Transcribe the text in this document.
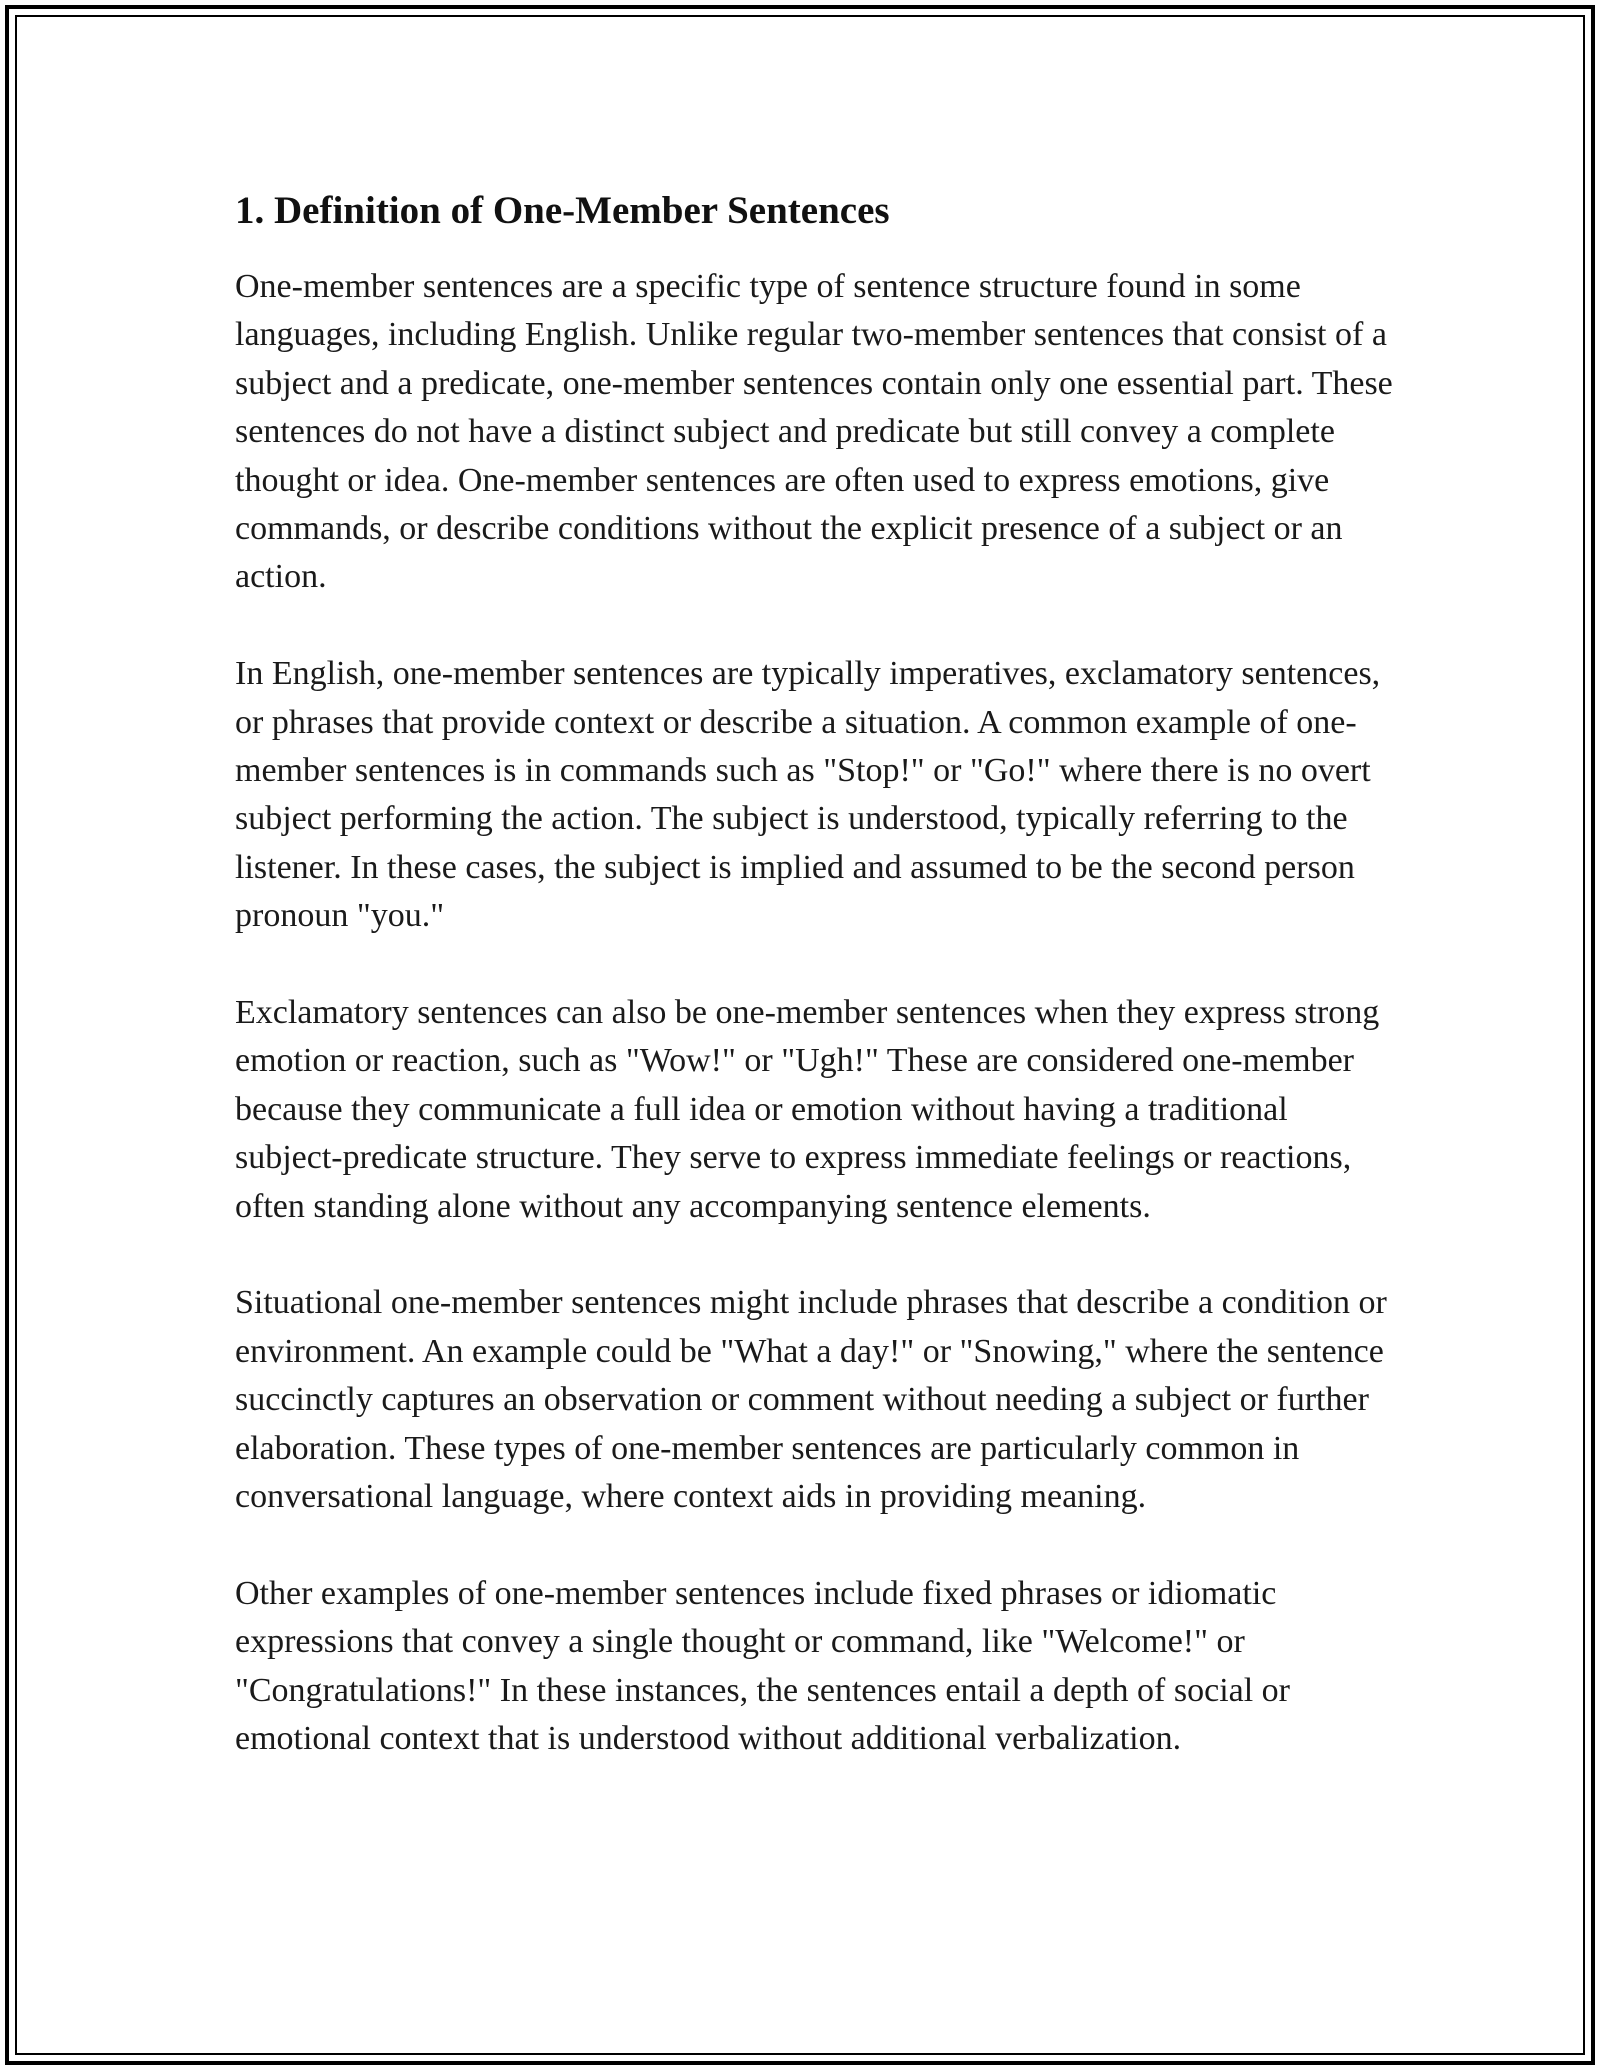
1. Definition of One-Member Sentences

One-member sentences are a specific type of sentence structure found in some languages, including English. Unlike regular two-member sentences that consist of a subject and a predicate, one-member sentences contain only one essential part. These sentences do not have a distinct subject and predicate but still convey a complete thought or idea. One-member sentences are often used to express emotions, give commands, or describe conditions without the explicit presence of a subject or an action.

In English, one-member sentences are typically imperatives, exclamatory sentences, or phrases that provide context or describe a situation. A common example of one-member sentences is in commands such as "Stop!" or "Go!" where there is no overt subject performing the action. The subject is understood, typically referring to the listener. In these cases, the subject is implied and assumed to be the second person pronoun "you."

Exclamatory sentences can also be one-member sentences when they express strong emotion or reaction, such as "Wow!" or "Ugh!" These are considered one-member because they communicate a full idea or emotion without having a traditional subject-predicate structure. They serve to express immediate feelings or reactions, often standing alone without any accompanying sentence elements.

Situational one-member sentences might include phrases that describe a condition or environment. An example could be "What a day!" or "Snowing," where the sentence succinctly captures an observation or comment without needing a subject or further elaboration. These types of one-member sentences are particularly common in conversational language, where context aids in providing meaning.

Other examples of one-member sentences include fixed phrases or idiomatic expressions that convey a single thought or command, like "Welcome!" or "Congratulations!" In these instances, the sentences entail a depth of social or emotional context that is understood without additional verbalization.
